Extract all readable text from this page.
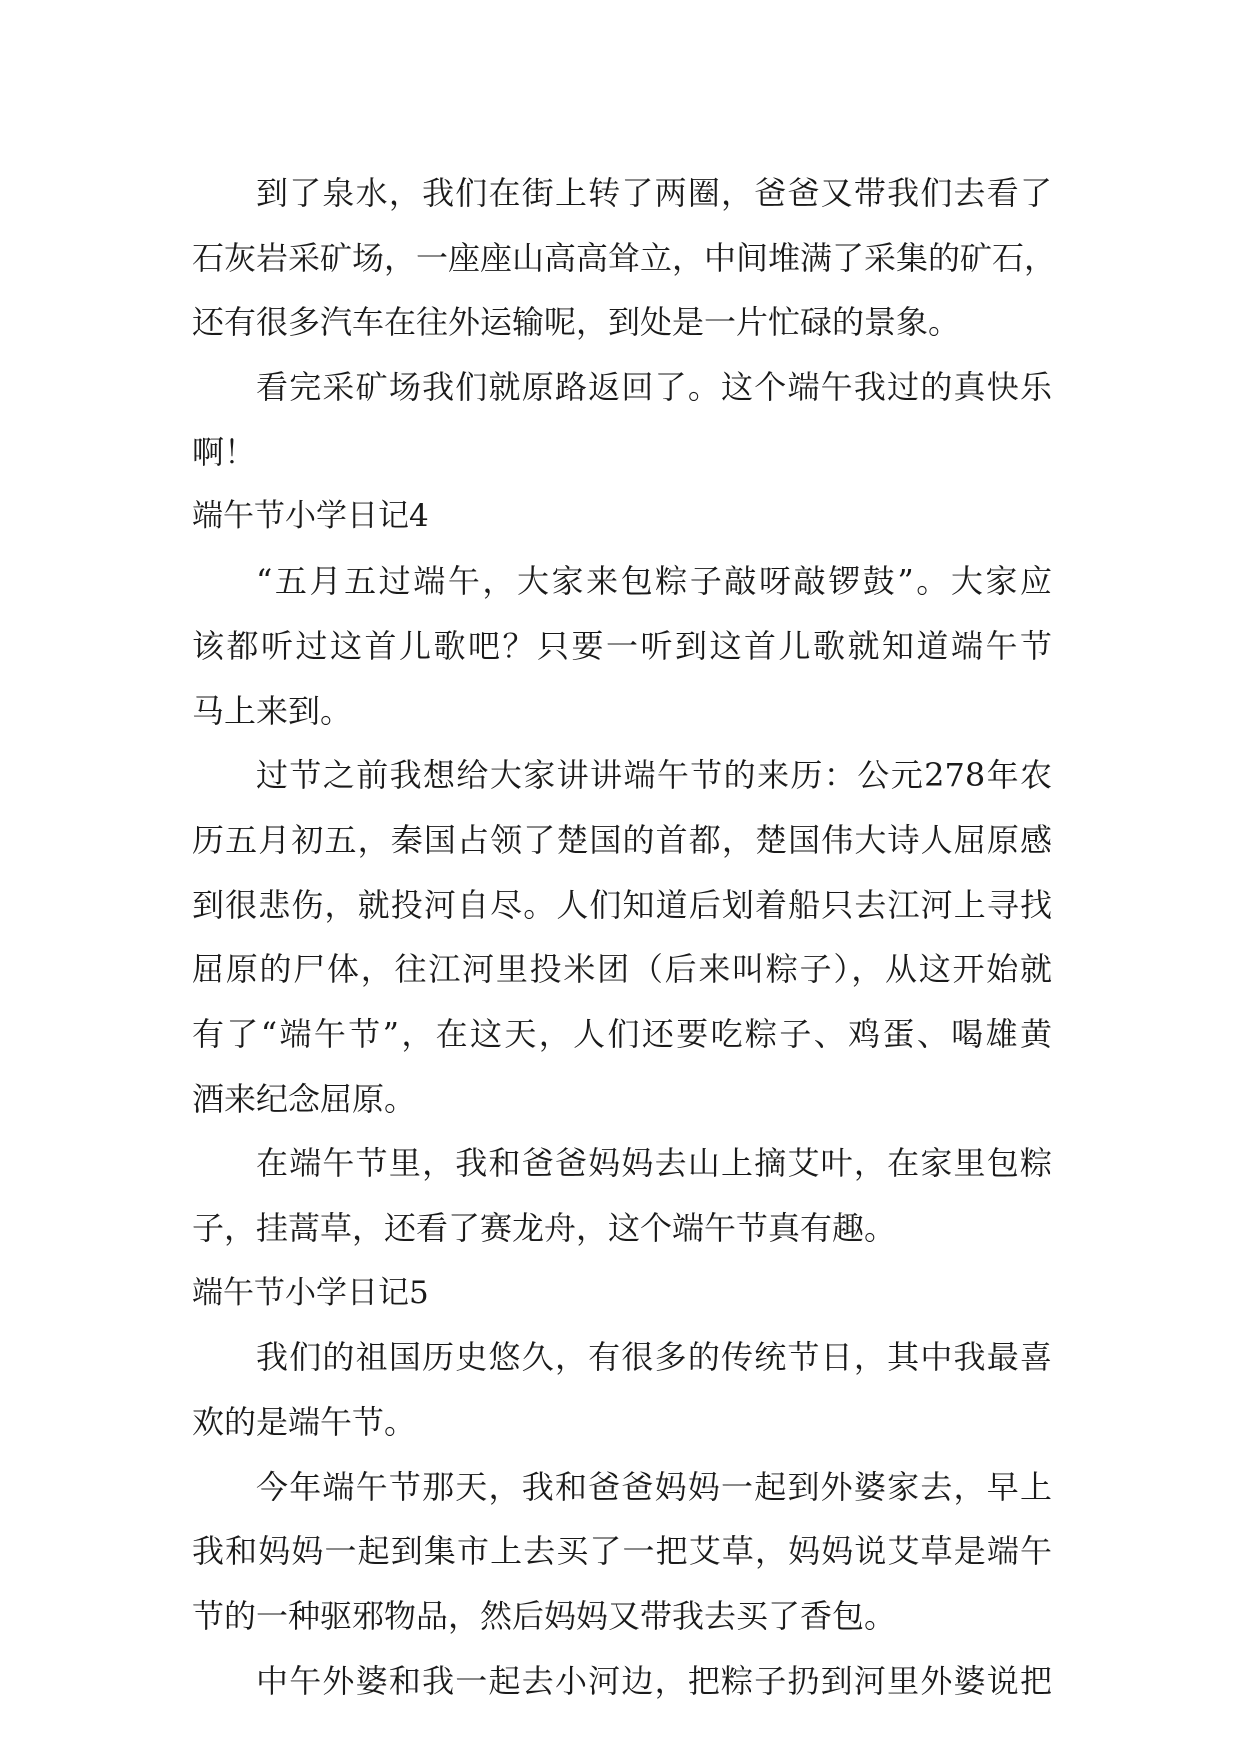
到了泉水，我们在街上转了两圈，爸爸又带我们去看了
石灰岩采矿场，一座座山高高耸立，中间堆满了采集的矿石，
还有很多汽车在往外运输呢，到处是一片忙碌的景象。
看完采矿场我们就原路返回了。这个端午我过的真快乐
啊！
端午节小学日记4
“五月五过端午，大家来包粽子敲呀敲锣鼓”。大家应
该都听过这首儿歌吧？只要一听到这首儿歌就知道端午节
马上来到。
过节之前我想给大家讲讲端午节的来历：公元278年农
历五月初五，秦国占领了楚国的首都，楚国伟大诗人屈原感
到很悲伤，就投河自尽。人们知道后划着船只去江河上寻找
屈原的尸体，往江河里投米团（后来叫粽子），从这开始就
有了“端午节”，在这天，人们还要吃粽子、鸡蛋、喝雄黄
酒来纪念屈原。
在端午节里，我和爸爸妈妈去山上摘艾叶，在家里包粽
子，挂蒿草，还看了赛龙舟，这个端午节真有趣。
端午节小学日记5
我们的祖国历史悠久，有很多的传统节日，其中我最喜
欢的是端午节。
今年端午节那天，我和爸爸妈妈一起到外婆家去，早上
我和妈妈一起到集市上去买了一把艾草，妈妈说艾草是端午
节的一种驱邪物品，然后妈妈又带我去买了香包。
中午外婆和我一起去小河边，把粽子扔到河里外婆说把
